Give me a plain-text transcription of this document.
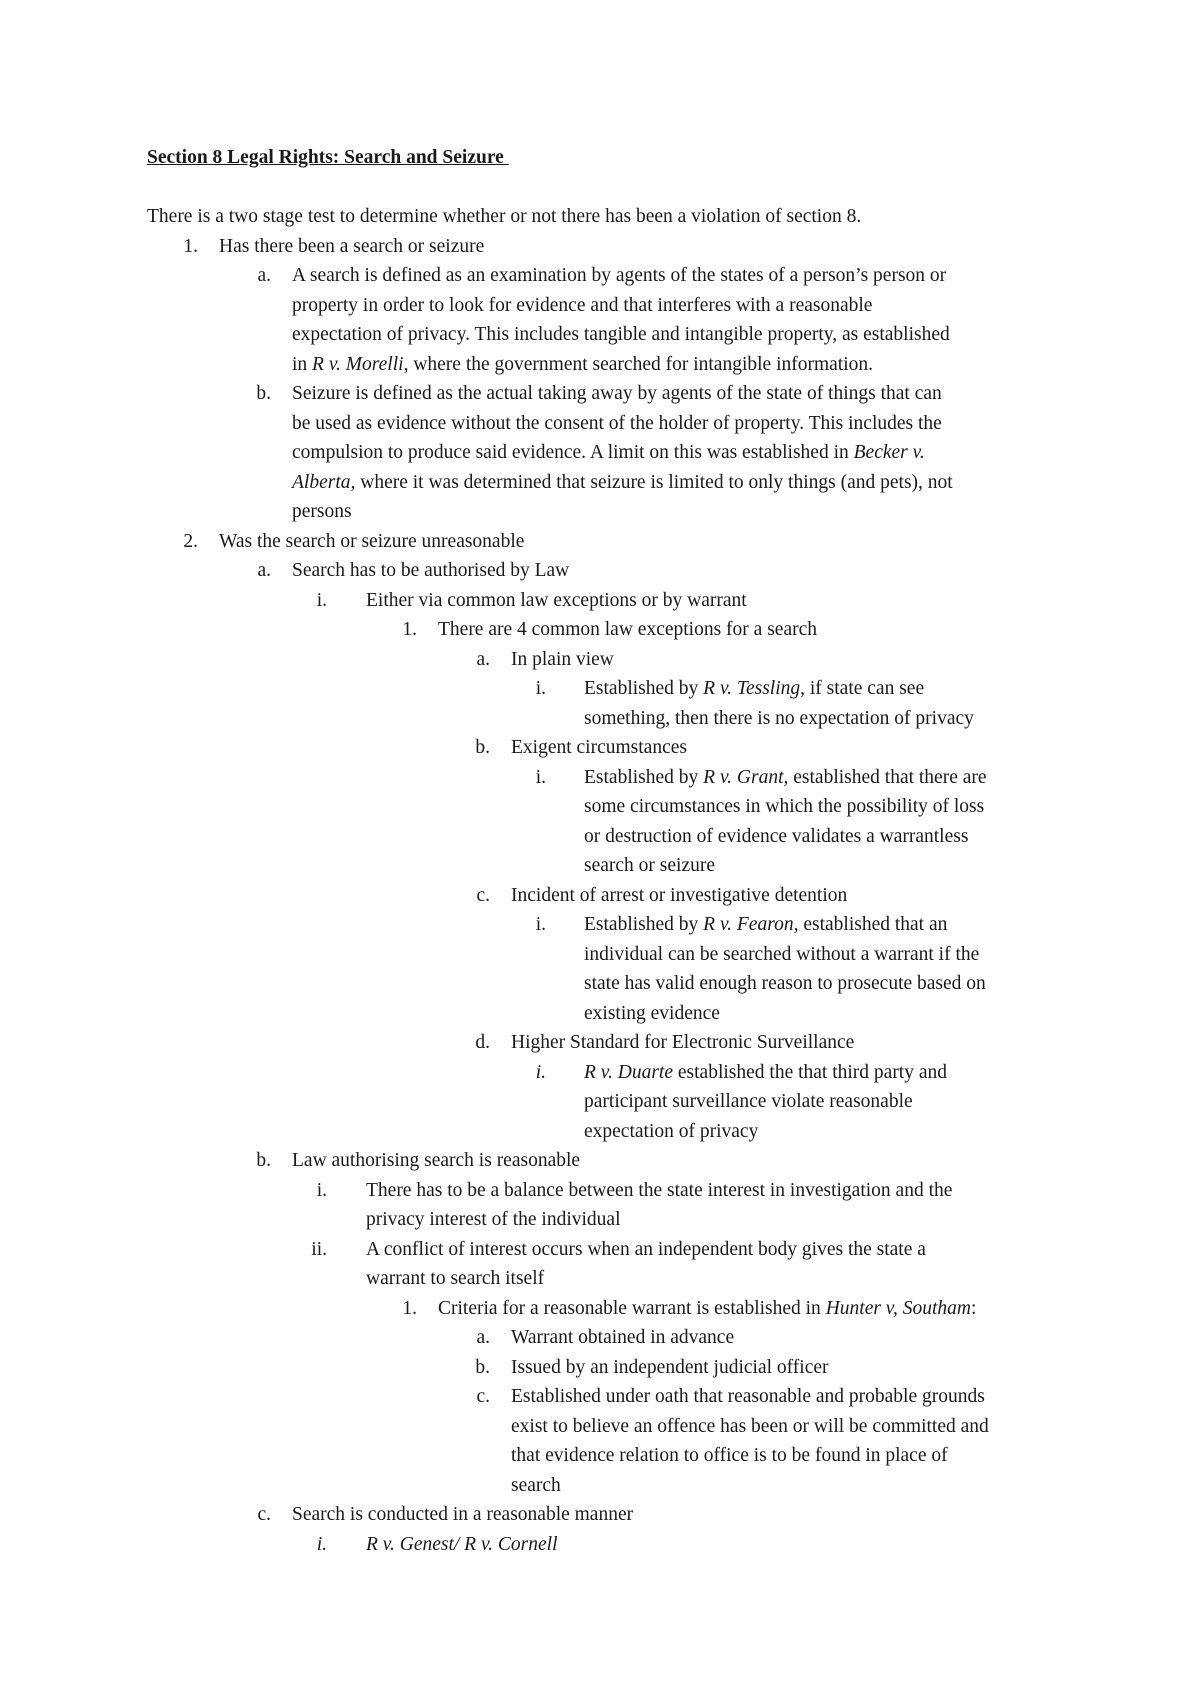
Section 8 Legal Rights: Search and Seizure
There is a two stage test to determine whether or not there has been a violation of section 8.
1. Has there been a search or seizure
a. A search is defined as an examination by agents of the states of a person’s person or
property in order to look for evidence and that interferes with a reasonable
expectation of privacy. This includes tangible and intangible property, as established
in R v. Morelli, where the government searched for intangible information.
b. Seizure is defined as the actual taking away by agents of the state of things that can
be used as evidence without the consent of the holder of property. This includes the
compulsion to produce said evidence. A limit on this was established in Becker v.
Alberta, where it was determined that seizure is limited to only things (and pets), not
persons
2. Was the search or seizure unreasonable
a. Search has to be authorised by Law
i. Either via common law exceptions or by warrant
1. There are 4 common law exceptions for a search
a. In plain view
i. Established by R v. Tessling, if state can see
something, then there is no expectation of privacy
b. Exigent circumstances
i. Established by R v. Grant, established that there are
some circumstances in which the possibility of loss
or destruction of evidence validates a warrantless
search or seizure
c. Incident of arrest or investigative detention
i. Established by R v. Fearon, established that an
individual can be searched without a warrant if the
state has valid enough reason to prosecute based on
existing evidence
d. Higher Standard for Electronic Surveillance
i. R v. Duarte established the that third party and
participant surveillance violate reasonable
expectation of privacy
b. Law authorising search is reasonable
i. There has to be a balance between the state interest in investigation and the
privacy interest of the individual
ii. A conflict of interest occurs when an independent body gives the state a
warrant to search itself
1. Criteria for a reasonable warrant is established in Hunter v, Southam:
a. Warrant obtained in advance
b. Issued by an independent judicial officer
c. Established under oath that reasonable and probable grounds
exist to believe an offence has been or will be committed and
that evidence relation to office is to be found in place of
search
c. Search is conducted in a reasonable manner
i. R v. Genest/ R v. Cornell
